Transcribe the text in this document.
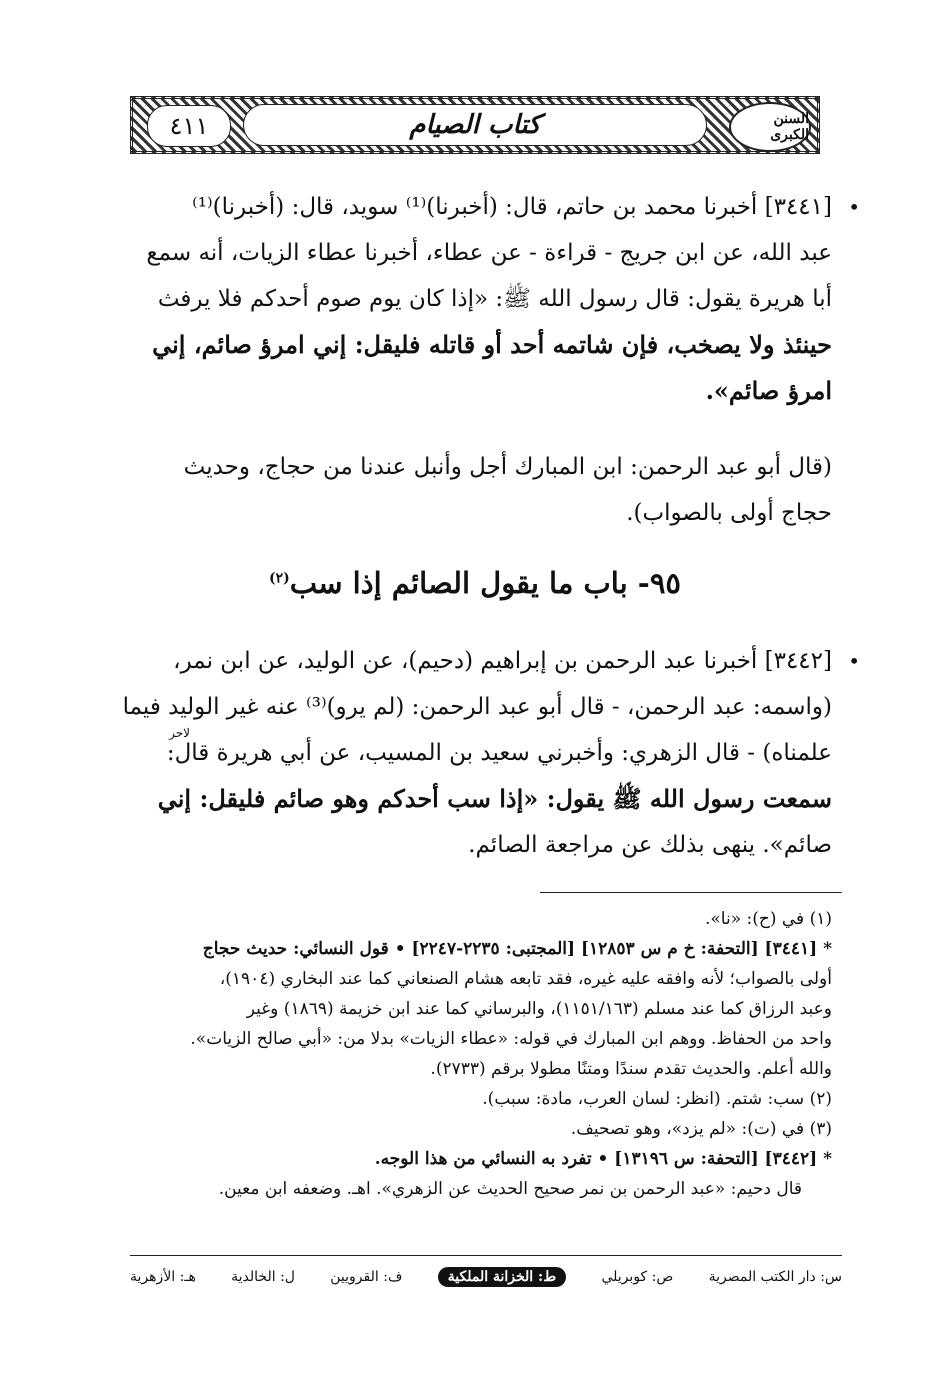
السنن الكبرى
كتاب الصيام
٤١١
•
[٣٤٤١] أخبرنا محمد بن حاتم، قال: (أخبرنا)⁽¹⁾ سويد، قال: (أخبرنا)⁽¹⁾
عبد الله، عن ابن جريج - قراءة - عن عطاء، أخبرنا عطاء الزيات، أنه سمع
أبا هريرة يقول: قال رسول الله ﷺ: «إذا كان يوم صوم أحدكم فلا يرفث
حينئذ ولا يصخب، فإن شاتمه أحد أو قاتله فليقل: إني امرؤ صائم، إني
امرؤ صائم».
(قال أبو عبد الرحمن: ابن المبارك أجل وأنبل عندنا من حجاج، وحديث
حجاج أولى بالصواب).
٩٥- باب ما يقول الصائم إذا سب$^{(٢)}$
•
[٣٤٤٢] أخبرنا عبد الرحمن بن إبراهيم (دحيم)، عن الوليد، عن ابن نمر،
(واسمه: عبد الرحمن، - قال أبو عبد الرحمن: (لم يرو)⁽³⁾ عنه غير الوليد فيما
علمناه) - قال الزهري: وأخبرني سعيد بن المسيب، عن أبي هريرة قال:
سمعت رسول الله ﷺ يقول: «إذا سب أحدكم وهو صائم فليقل: إني
صائم». ينهى بذلك عن مراجعة الصائم.
لاحر
(١) في (ح): «نا».
* [٣٤٤١] [التحفة: خ م س ١٢٨٥٣] [المجتبى: ٢٢٣٥-٢٢٤٧] • قول النسائي: حديث حجاج
أولى بالصواب؛ لأنه وافقه عليه غيره، فقد تابعه هشام الصنعاني كما عند البخاري (١٩٠٤)،
وعبد الرزاق كما عند مسلم (١١٥١/١٦٣)، والبرساني كما عند ابن خزيمة (١٨٦٩) وغير
واحد من الحفاظ. ووهم ابن المبارك في قوله: «عطاء الزيات» بدلا من: «أبي صالح الزيات».
والله أعلم. والحديث تقدم سندًا ومتنًا مطولا برقم (٢٧٣٣).
(٢) سب: شتم. (انظر: لسان العرب، مادة: سبب).
(٣) في (ت): «لم يزد»، وهو تصحيف.
* [٣٤٤٢] [التحفة: س ١٣١٩٦] • تفرد به النسائي من هذا الوجه.
قال دحيم: «عبد الرحمن بن نمر صحيح الحديث عن الزهري». اهـ. وضعفه ابن معين.
س: دار الكتب المصرية
ص: كوبريلي
ط: الخزانة الملكية
ف: القرويين
ل: الخالدية
هـ: الأزهرية
